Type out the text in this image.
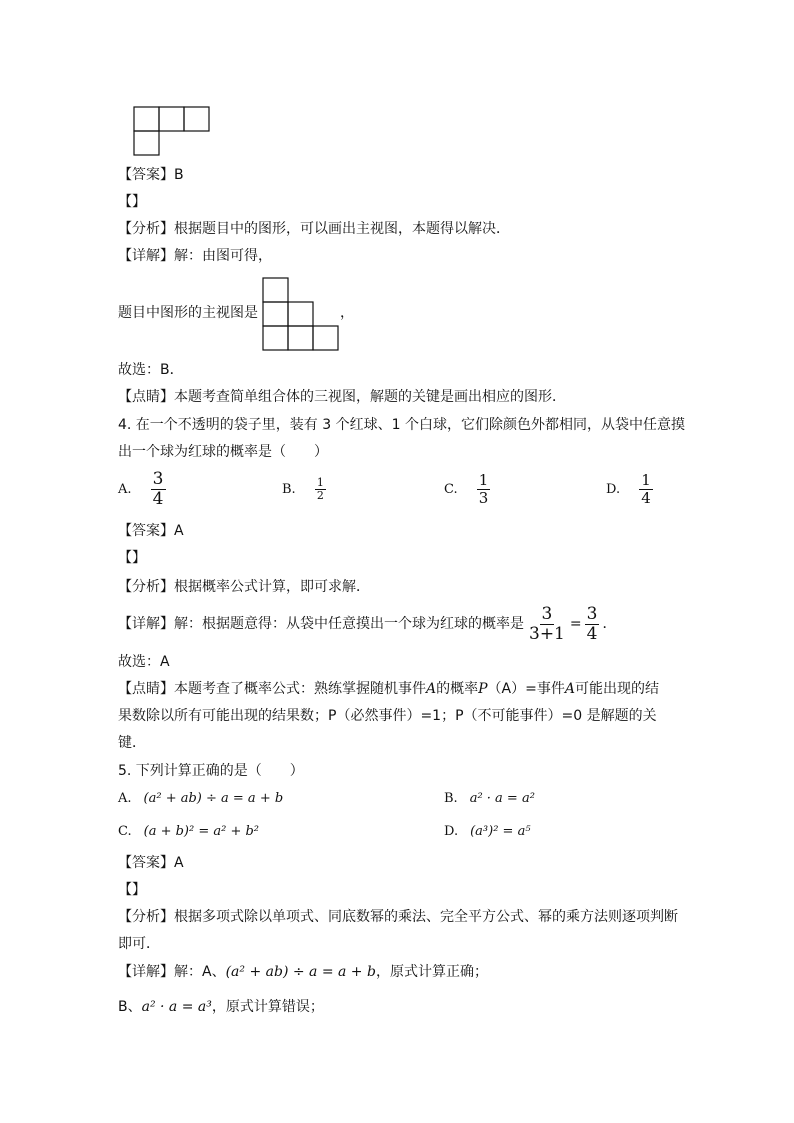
【答案】B
【】
【分析】根据题目中的图形，可以画出主视图，本题得以解决．
【详解】解：由图可得，
题目中图形的主视图是	，
故选：B．
【点睛】本题考查简单组合体的三视图，解题的关键是画出相应的图形．
4. 在一个不透明的袋子里，装有 3 个红球、1 个白球，它们除颜色外都相同，从袋中任意摸
出一个球为红球的概率是（　　）
A. $\frac{3}{4}$	B. $\frac{1}{2}$	C. $\frac{1}{3}$	D. $\frac{1}{4}$
【答案】A
【】
【分析】根据概率公式计算，即可求解．
【详解】解：根据题意得：从袋中任意摸出一个球为红球的概率是 $\frac{3}{3+1} = \frac{3}{4}$ ．
故选：A
【点睛】本题考查了概率公式：熟练掌握随机事件A的概率P（A）=事件A可能出现的结
果数除以所有可能出现的结果数；P（必然事件）=1；P（不可能事件）=0 是解题的关
键．
5. 下列计算正确的是（　　）
A. (a² + ab) ÷ a = a + b	B. a² · a = a²
C. (a + b)² = a² + b²	D. (a³)² = a⁵
【答案】A
【】
【分析】根据多项式除以单项式、同底数幂的乘法、完全平方公式、幂的乘方法则逐项判断
即可．
【详解】解：A、(a² + ab) ÷ a = a + b，原式计算正确；
B、a² · a = a³，原式计算错误；
